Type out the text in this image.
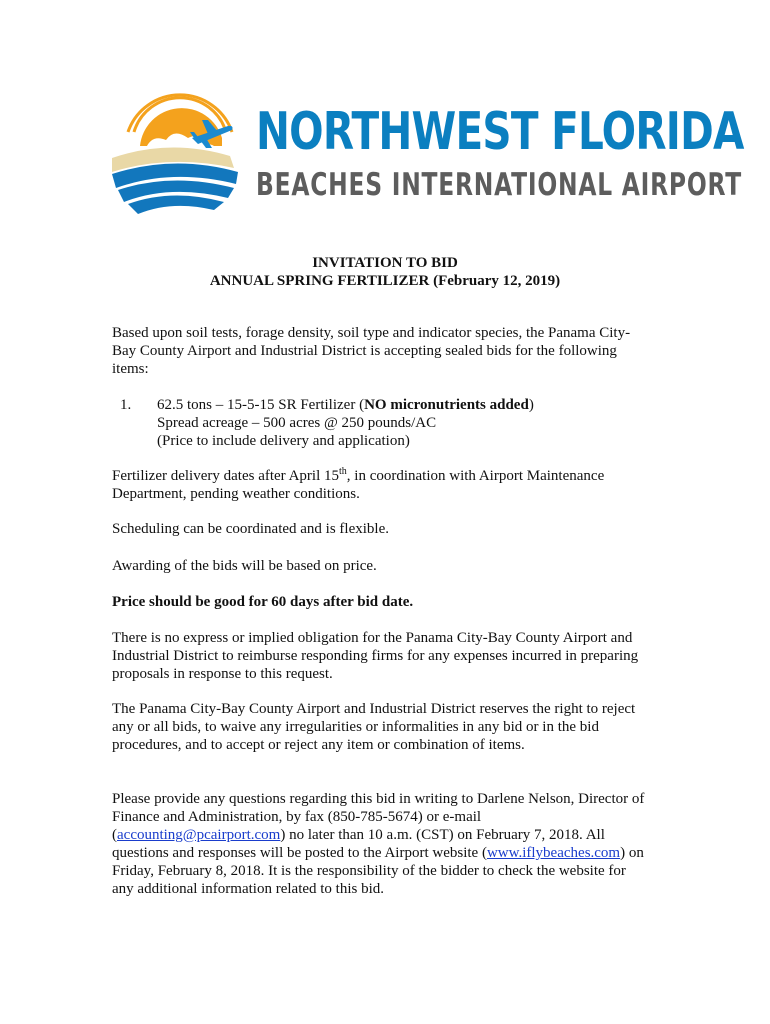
NORTHWEST FLORIDA
BEACHES INTERNATIONAL AIRPORT
INVITATION TO BID
ANNUAL SPRING FERTILIZER (February 12, 2019)

Based upon soil tests, forage density, soil type and indicator species, the Panama City-Bay County Airport and Industrial District is accepting sealed bids for the following items:

1. 62.5 tons – 15-5-15 SR Fertilizer (NO micronutrients added)
Spread acreage – 500 acres @ 250 pounds/AC
(Price to include delivery and application)

Fertilizer delivery dates after April 15th, in coordination with Airport Maintenance Department, pending weather conditions.

Scheduling can be coordinated and is flexible.

Awarding of the bids will be based on price.

Price should be good for 60 days after bid date.

There is no express or implied obligation for the Panama City-Bay County Airport and Industrial District to reimburse responding firms for any expenses incurred in preparing proposals in response to this request.

The Panama City-Bay County Airport and Industrial District reserves the right to reject any or all bids, to waive any irregularities or informalities in any bid or in the bid procedures, and to accept or reject any item or combination of items.

Please provide any questions regarding this bid in writing to Darlene Nelson, Director of Finance and Administration, by fax (850-785-5674) or e-mail (accounting@pcairport.com) no later than 10 a.m. (CST) on February 7, 2018. All questions and responses will be posted to the Airport website (www.iflybeaches.com) on Friday, February 8, 2018. It is the responsibility of the bidder to check the website for any additional information related to this bid.
